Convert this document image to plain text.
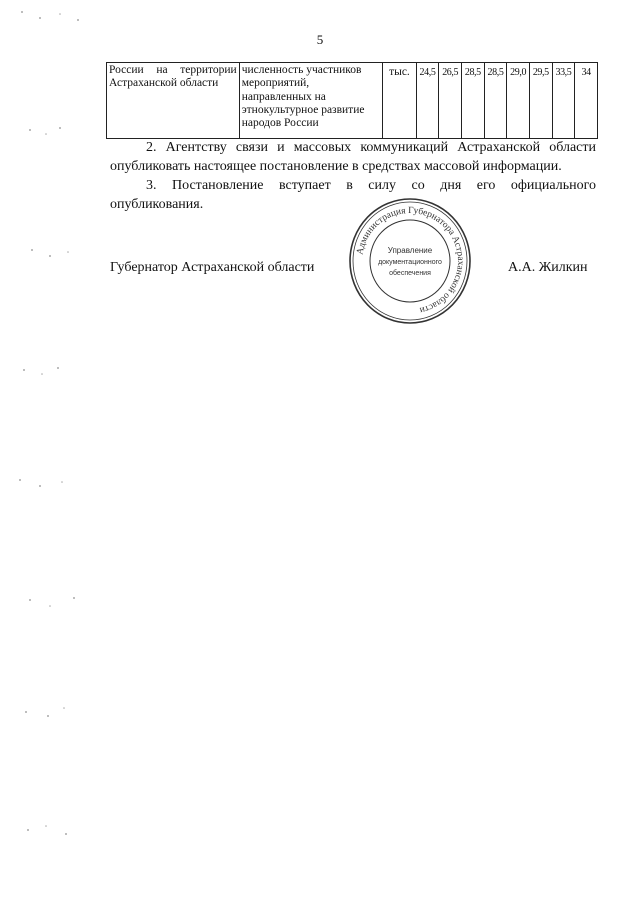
5
России на территории Астраханской области	численность участников мероприятий, направленных на этнокультурное развитие народов России	тыс.	24,5	26,5	28,5	28,5	29,0	29,5	33,5	34

2. Агентству связи и массовых коммуникаций Астраханской области опубликовать настоящее постановление в средствах массовой информации.

3. Постановление вступает в силу со дня его официального опубликования.

Губернатор Астраханской области
Администрация Губернатора Астраханской области
Управление
документационного
обеспечения	А.А. Жилкин
